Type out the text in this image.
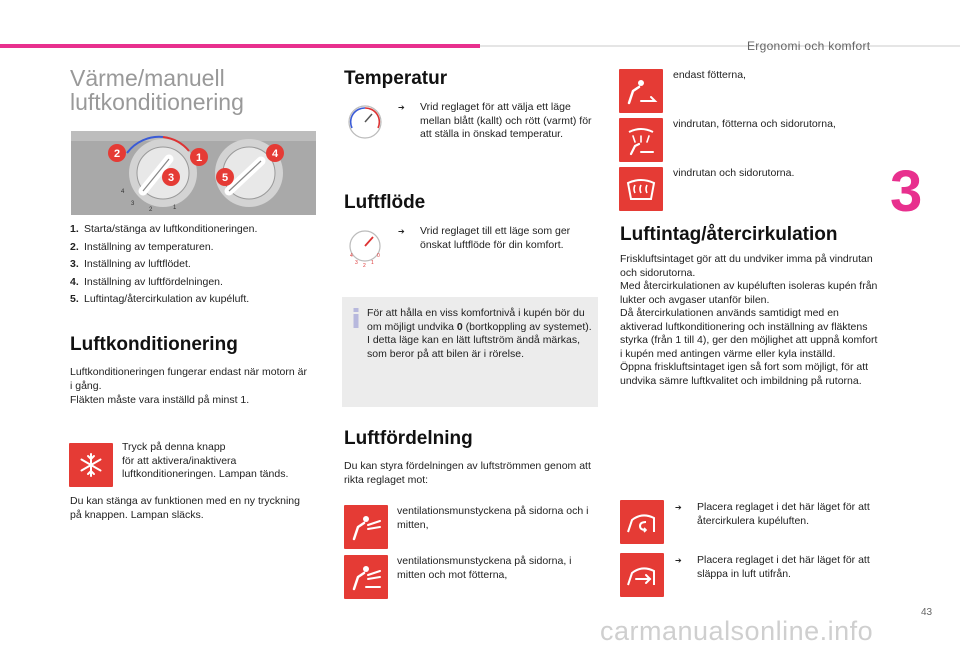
Ergonomi och komfort
3
Värme/manuell luftkonditionering
2	1	4
3	5
4
3
2	1
1. Starta/stänga av luftkonditioneringen.
2. Inställning av temperaturen.
3. Inställning av luftflödet.
4. Inställning av luftfördelningen.
5. Luftintag/återcirkulation av kupéluft.
Luftkonditionering
Luftkonditioneringen fungerar endast när motorn är i gång.
Fläkten måste vara inställd på minst 1.
Tryck på denna knapp
för att aktivera/inaktivera
luftkonditioneringen. Lampan tänds.
Du kan stänga av funktionen med en ny tryckning på knappen. Lampan släcks.
Temperatur
➔ Vrid reglaget för att välja ett läge mellan blått (kallt) och rött (varmt) för att ställa in önskad temperatur.
Luftflöde
4
3 2 1
0
➔ Vrid reglaget till ett läge som ger önskat luftflöde för din komfort.
För att hålla en viss komfortnivå i kupén bör du om möjligt undvika 0 (bortkoppling av systemet). I detta läge kan en lätt luftström ändå märkas, som beror på att bilen är i rörelse.
Luftfördelning
Du kan styra fördelningen av luftströmmen genom att rikta reglaget mot:
ventilationsmunstyckena på sidorna och i mitten,
ventilationsmunstyckena på sidorna, i mitten och mot fötterna,
endast fötterna,
vindrutan, fötterna och sidorutorna,
vindrutan och sidorutorna.
Luftintag/återcirkulation
Friskluftsintaget gör att du undviker imma på vindrutan och sidorutorna.
Med återcirkulationen av kupéluften isoleras kupén från lukter och avgaser utanför bilen.
Då återcirkulationen används samtidigt med en aktiverad luftkonditionering och inställning av fläktens styrka (från 1 till 4), ger den möjlighet att uppnå komfort i kupén med antingen värme eller kyla inställd.
Öppna friskluftsintaget igen så fort som möjligt, för att undvika sämre luftkvalitet och imbildning på rutorna.
➔ Placera reglaget i det här läget för att återcirkulera kupéluften.
➔ Placera reglaget i det här läget för att släppa in luft utifrån.
43
carmanualsonline.info
